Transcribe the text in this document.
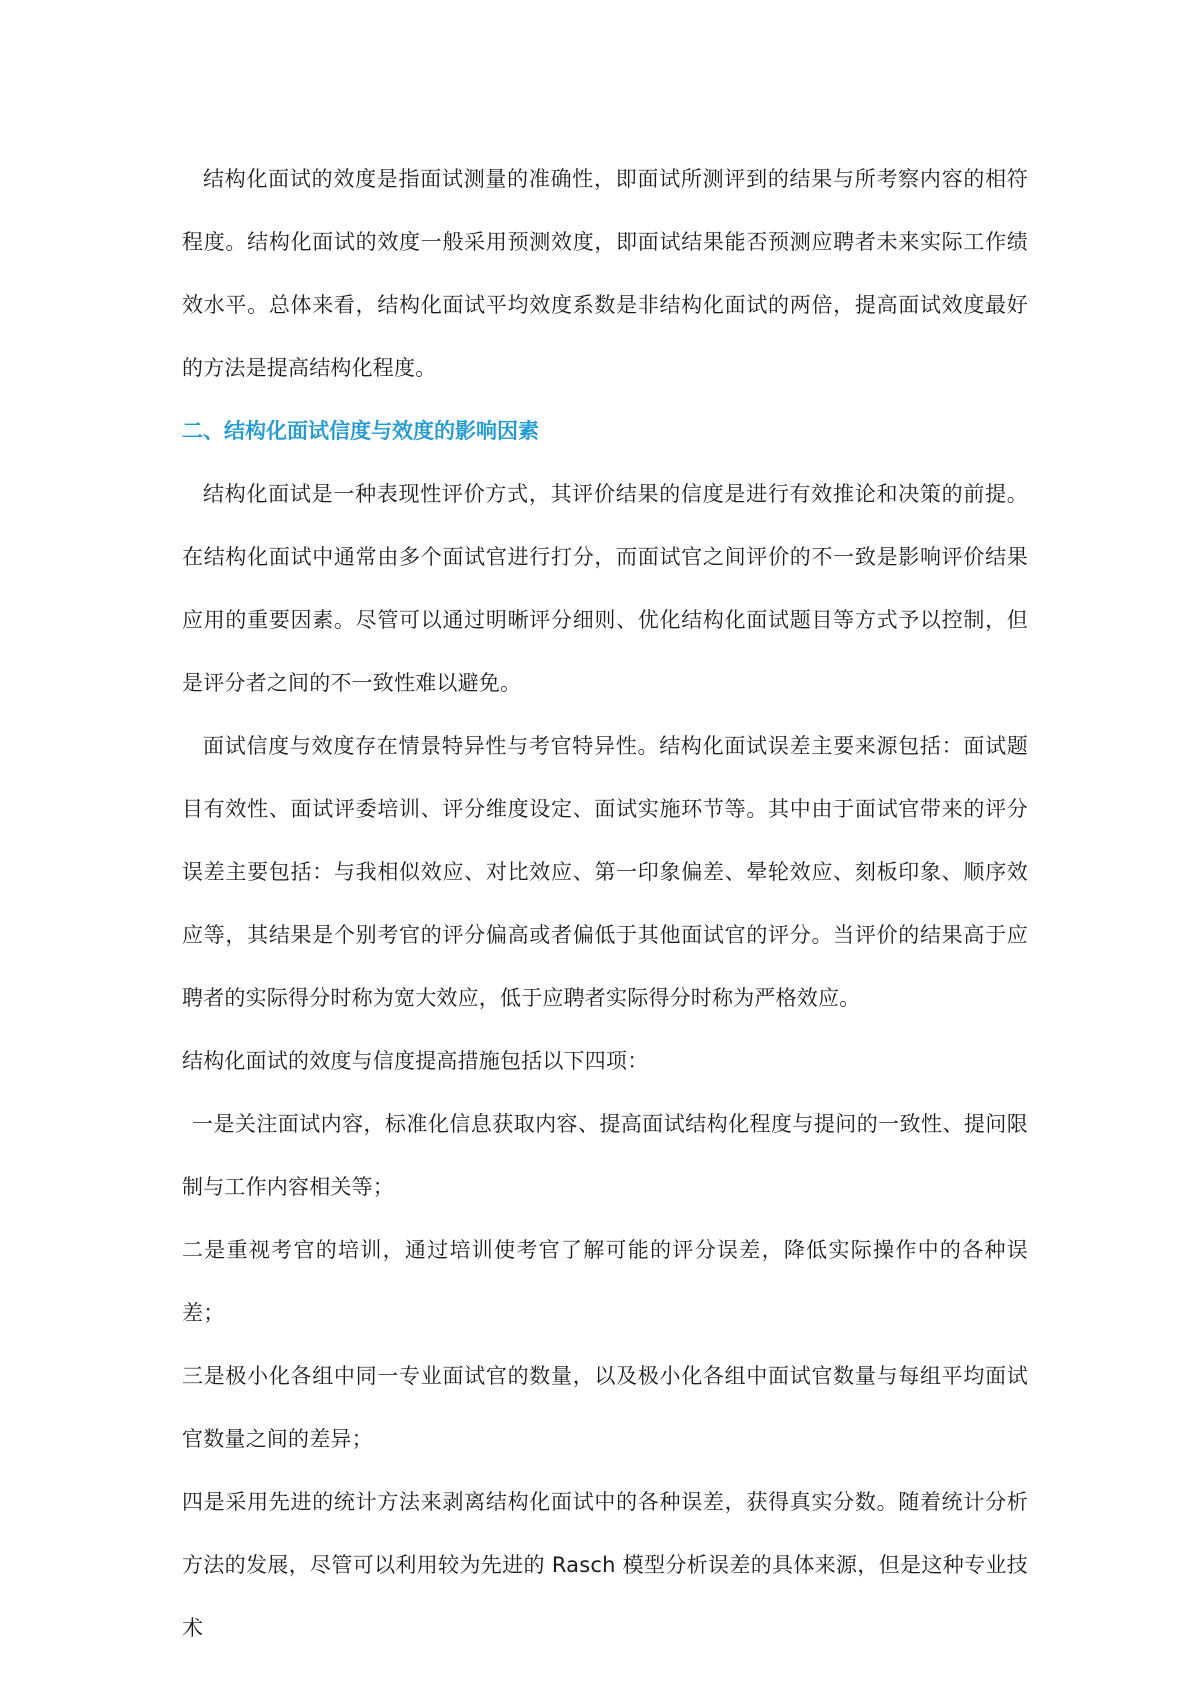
结构化面试的效度是指面试测量的准确性，即面试所测评到的结果与所考察内容的相符程度。结构化面试的效度一般采用预测效度，即面试结果能否预测应聘者未来实际工作绩效水平。总体来看，结构化面试平均效度系数是非结构化面试的两倍，提高面试效度最好的方法是提高结构化程度。

二、结构化面试信度与效度的影响因素

结构化面试是一种表现性评价方式，其评价结果的信度是进行有效推论和决策的前提。在结构化面试中通常由多个面试官进行打分，而面试官之间评价的不一致是影响评价结果应用的重要因素。尽管可以通过明晰评分细则、优化结构化面试题目等方式予以控制，但是评分者之间的不一致性难以避免。

面试信度与效度存在情景特异性与考官特异性。结构化面试误差主要来源包括：面试题目有效性、面试评委培训、评分维度设定、面试实施环节等。其中由于面试官带来的评分误差主要包括：与我相似效应、对比效应、第一印象偏差、晕轮效应、刻板印象、顺序效应等，其结果是个别考官的评分偏高或者偏低于其他面试官的评分。当评价的结果高于应聘者的实际得分时称为宽大效应，低于应聘者实际得分时称为严格效应。

结构化面试的效度与信度提高措施包括以下四项：

一是关注面试内容，标准化信息获取内容、提高面试结构化程度与提问的一致性、提问限制与工作内容相关等；

二是重视考官的培训，通过培训使考官了解可能的评分误差，降低实际操作中的各种误差；

三是极小化各组中同一专业面试官的数量，以及极小化各组中面试官数量与每组平均面试官数量之间的差异；

四是采用先进的统计方法来剥离结构化面试中的各种误差，获得真实分数。随着统计分析方法的发展，尽管可以利用较为先进的 Rasch 模型分析误差的具体来源，但是这种专业技术
